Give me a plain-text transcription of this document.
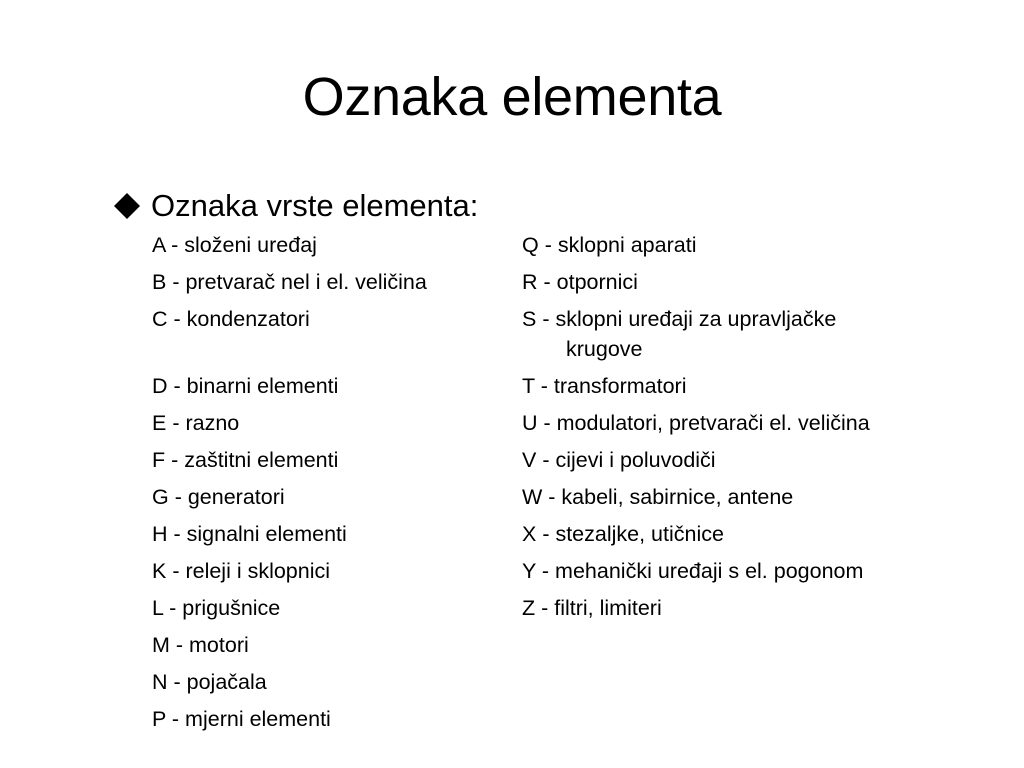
Oznaka elementa
Oznaka vrste elementa:
A - složeni uređaj
B - pretvarač nel i el. veličina
C - kondenzatori
D - binarni elementi
E - razno
F - zaštitni elementi
G - generatori
H - signalni elementi
K - releji i sklopnici
L - prigušnice
M - motori
N - pojačala
P - mjerni elementi
Q - sklopni aparati
R - otpornici
S - sklopni uređaji za upravljačke
krugove
T - transformatori
U - modulatori, pretvarači el. veličina
V - cijevi i poluvodiči
W - kabeli, sabirnice, antene
X - stezaljke, utičnice
Y - mehanički uređaji s el. pogonom
Z - filtri, limiteri
